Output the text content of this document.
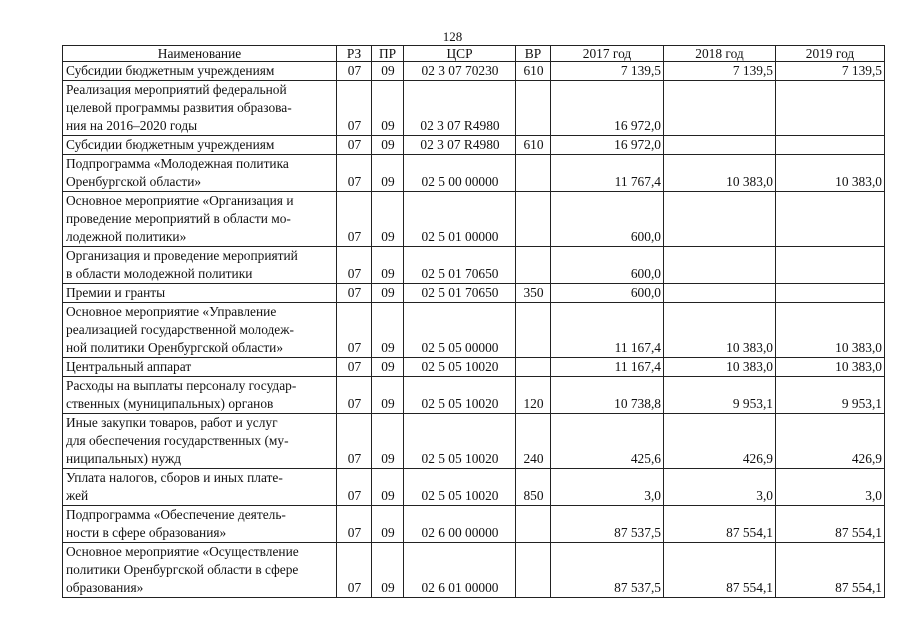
128
Наименование	РЗ	ПР	ЦСР	ВР	2017 год	2018 год	2019 год

Субсидии бюджетным учреждениям	07	09	02 3 07 70230	610	7 139,5	7 139,5	7 139,5

Реализация мероприятий федеральной
целевой программы развития образова-
ния на 2016–2020 годы	07	09	02 3 07 R4980		16 972,0		

Субсидии бюджетным учреждениям	07	09	02 3 07 R4980	610	16 972,0		

Подпрограмма «Молодежная политика
Оренбургской области»	07	09	02 5 00 00000		11 767,4	10 383,0	10 383,0

Основное мероприятие «Организация и
проведение мероприятий в области мо-
лодежной политики»	07	09	02 5 01 00000		600,0		

Организация и проведение мероприятий
в области молодежной политики	07	09	02 5 01 70650		600,0		

Премии и гранты	07	09	02 5 01 70650	350	600,0		

Основное мероприятие «Управление
реализацией государственной молодеж-
ной политики Оренбургской области»	07	09	02 5 05 00000		11 167,4	10 383,0	10 383,0

Центральный аппарат	07	09	02 5 05 10020		11 167,4	10 383,0	10 383,0

Расходы на выплаты персоналу государ-
ственных (муниципальных) органов	07	09	02 5 05 10020	120	10 738,8	9 953,1	9 953,1

Иные закупки товаров, работ и услуг
для обеспечения государственных (му-
ниципальных) нужд	07	09	02 5 05 10020	240	425,6	426,9	426,9

Уплата налогов, сборов и иных плате-
жей	07	09	02 5 05 10020	850	3,0	3,0	3,0

Подпрограмма «Обеспечение деятель-
ности в сфере образования»	07	09	02 6 00 00000		87 537,5	87 554,1	87 554,1

Основное мероприятие «Осуществление
политики Оренбургской области в сфере
образования»	07	09	02 6 01 00000		87 537,5	87 554,1	87 554,1
